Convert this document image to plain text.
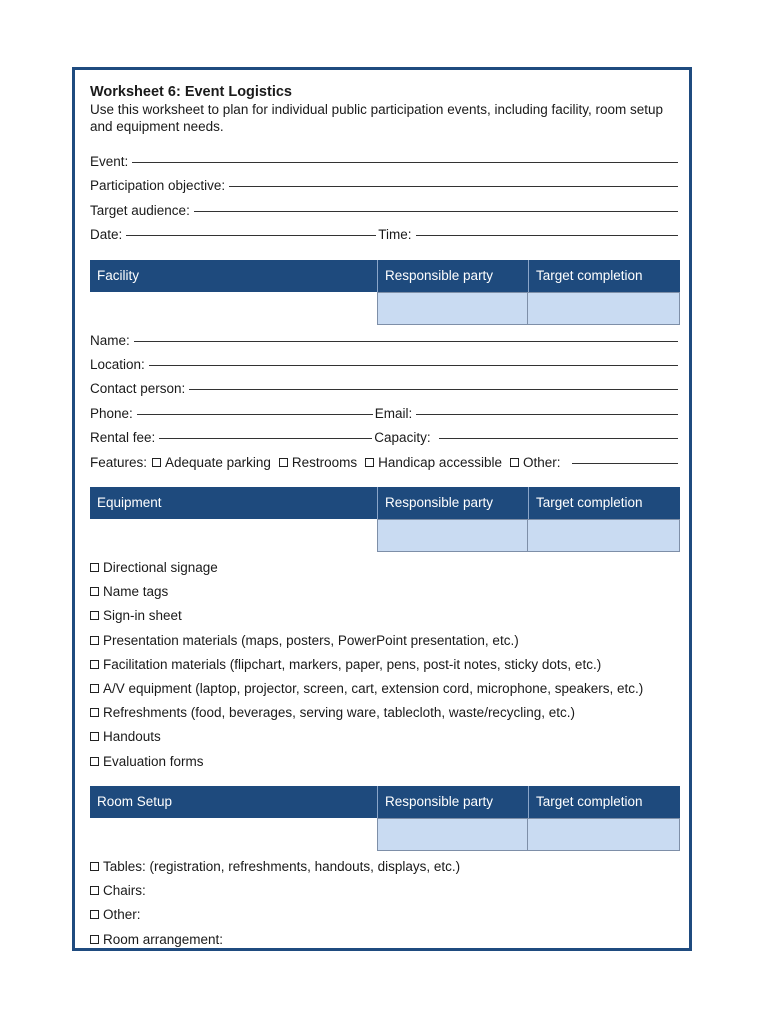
Worksheet 6: Event Logistics

Use this worksheet to plan for individual public participation events, including facility, room setup and equipment needs.

Event:
Participation objective:
Target audience:
Date:	Time:
Facility	Responsible party	Target completion
Name:
Location:
Contact person:
Phone:	Email:
Rental fee:	Capacity:
Features:	Adequate parking	Restrooms	Handicap accessible	Other:
Equipment	Responsible party	Target completion
Directional signage
Name tags
Sign-in sheet
Presentation materials (maps, posters, PowerPoint presentation, etc.)
Facilitation materials (flipchart, markers, paper, pens, post-it notes, sticky dots, etc.)
A/V equipment (laptop, projector, screen, cart, extension cord, microphone, speakers, etc.)
Refreshments (food, beverages, serving ware, tablecloth, waste/recycling, etc.)
Handouts
Evaluation forms
Room Setup	Responsible party	Target completion
Tables: (registration, refreshments, handouts, displays, etc.)
Chairs:
Other:
Room arrangement:
